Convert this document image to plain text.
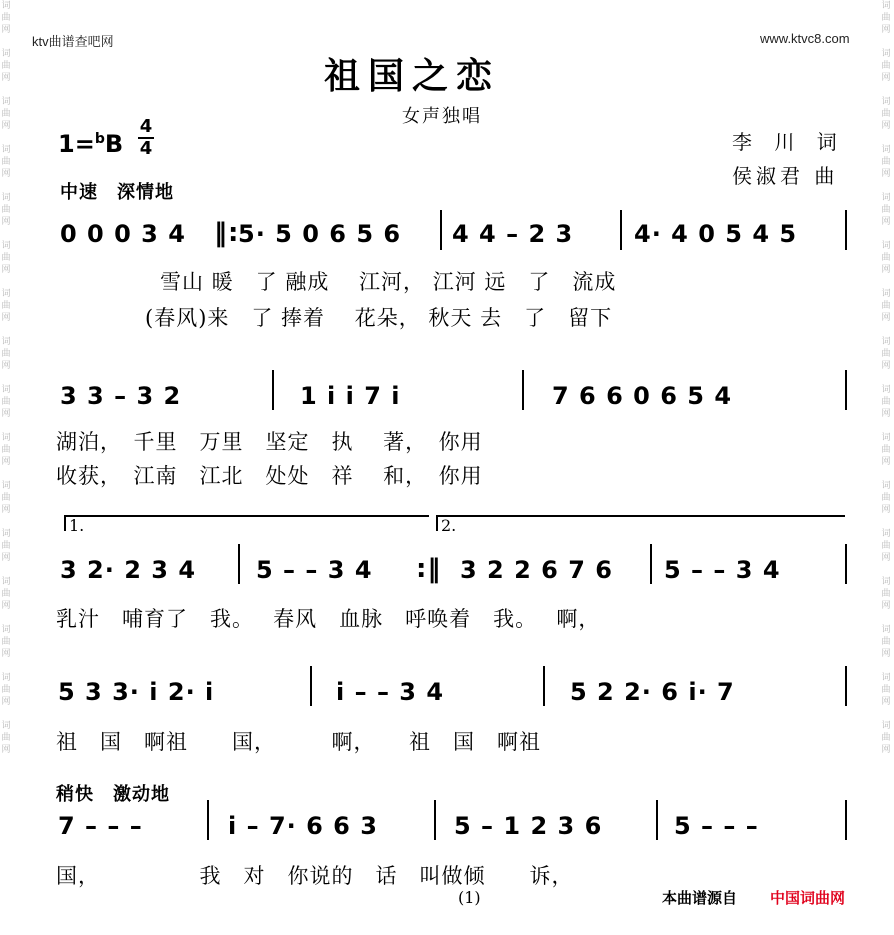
词曲网

词曲网

词曲网

词曲网

词曲网

词曲网

词曲网

词曲网

词曲网

词曲网

词曲网

词曲网

词曲网

词曲网

词曲网

词曲网
词曲网

词曲网

词曲网

词曲网

词曲网

词曲网

词曲网

词曲网

词曲网

词曲网

词曲网

词曲网

词曲网

词曲网

词曲网

词曲网
ktv曲谱查吧网	www.ktvc8.com
祖国之恋
女声独唱
1=$^b$B
4
4	李 川 词
侯淑君 曲
中速　深情地
0 0 0 3 4 ‖:
5· 5 0 6 5 6 4 4 – 2 3	4· 4 0 5 4 5
雪山 暖　了 融成　 江河， 江河 远　了　流成
(春风)来　了 捧着　 花朵， 秋天 去　了　留下
3 3 – 3 2	1 i i 7 i	7 6 6 0 6 5 4
湖泊，　千里　万里　坚定　执　 著，　你用
收获，　江南　江北　处处　祥　 和，　你用
1.	2.
3 2· 2 3 4 5 – – 3 4 :‖ 3 2 2 6 7 6 5 – – 3 4
乳汁　哺育了　我。　 春风　血脉　呼唤着　我。　 啊，
5 3 3· i 2· i	i – – 3 4	5 2 2· 6 i· 7
祖　国　啊祖　　国，　　　啊，　　祖　国　啊祖
稍快　激动地
7 – – –	i – 7· 6 6 3	5 – 1 2 3 6	5 – – –
国，　　　　　我　对　你说的　话　叫做倾　　诉，
(1)	本曲谱源自 中国词曲网
